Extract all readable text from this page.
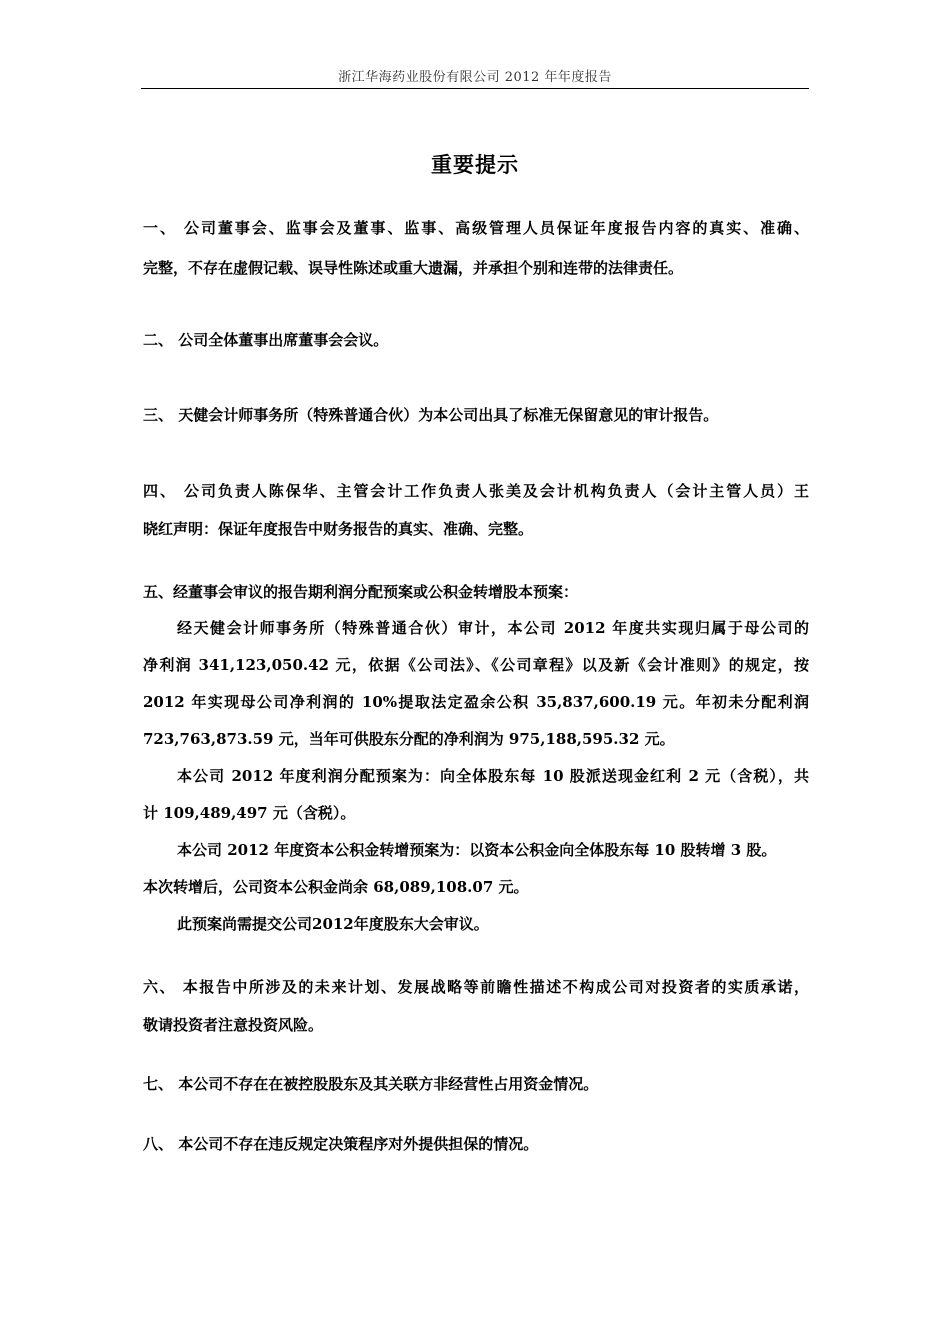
浙江华海药业股份有限公司 2012 年年度报告
重要提示
一、 公司董事会、监事会及董事、监事、高级管理人员保证年度报告内容的真实、准确、
完整，不存在虚假记载、误导性陈述或重大遗漏，并承担个别和连带的法律责任。
二、 公司全体董事出席董事会会议。
三、 天健会计师事务所（特殊普通合伙）为本公司出具了标准无保留意见的审计报告。
四、 公司负责人陈保华、主管会计工作负责人张美及会计机构负责人（会计主管人员）王
晓红声明：保证年度报告中财务报告的真实、准确、完整。
五、经董事会审议的报告期利润分配预案或公积金转增股本预案：
经天健会计师事务所（特殊普通合伙）审计，本公司 2012 年度共实现归属于母公司的
净利润 341,123,050.42 元，依据《公司法》、《公司章程》以及新《会计准则》的规定，按
2012 年实现母公司净利润的 10%提取法定盈余公积 35,837,600.19 元。年初未分配利润
723,763,873.59 元，当年可供股东分配的净利润为 975,188,595.32 元。
本公司 2012 年度利润分配预案为：向全体股东每 10 股派送现金红利 2 元（含税），共
计 109,489,497 元（含税）。
本公司 2012 年度资本公积金转增预案为：以资本公积金向全体股东每 10 股转增 3 股。
本次转增后，公司资本公积金尚余 68,089,108.07 元。
此预案尚需提交公司2012年度股东大会审议。
六、 本报告中所涉及的未来计划、发展战略等前瞻性描述不构成公司对投资者的实质承诺，
敬请投资者注意投资风险。
七、 本公司不存在在被控股股东及其关联方非经营性占用资金情况。
八、 本公司不存在违反规定决策程序对外提供担保的情况。
